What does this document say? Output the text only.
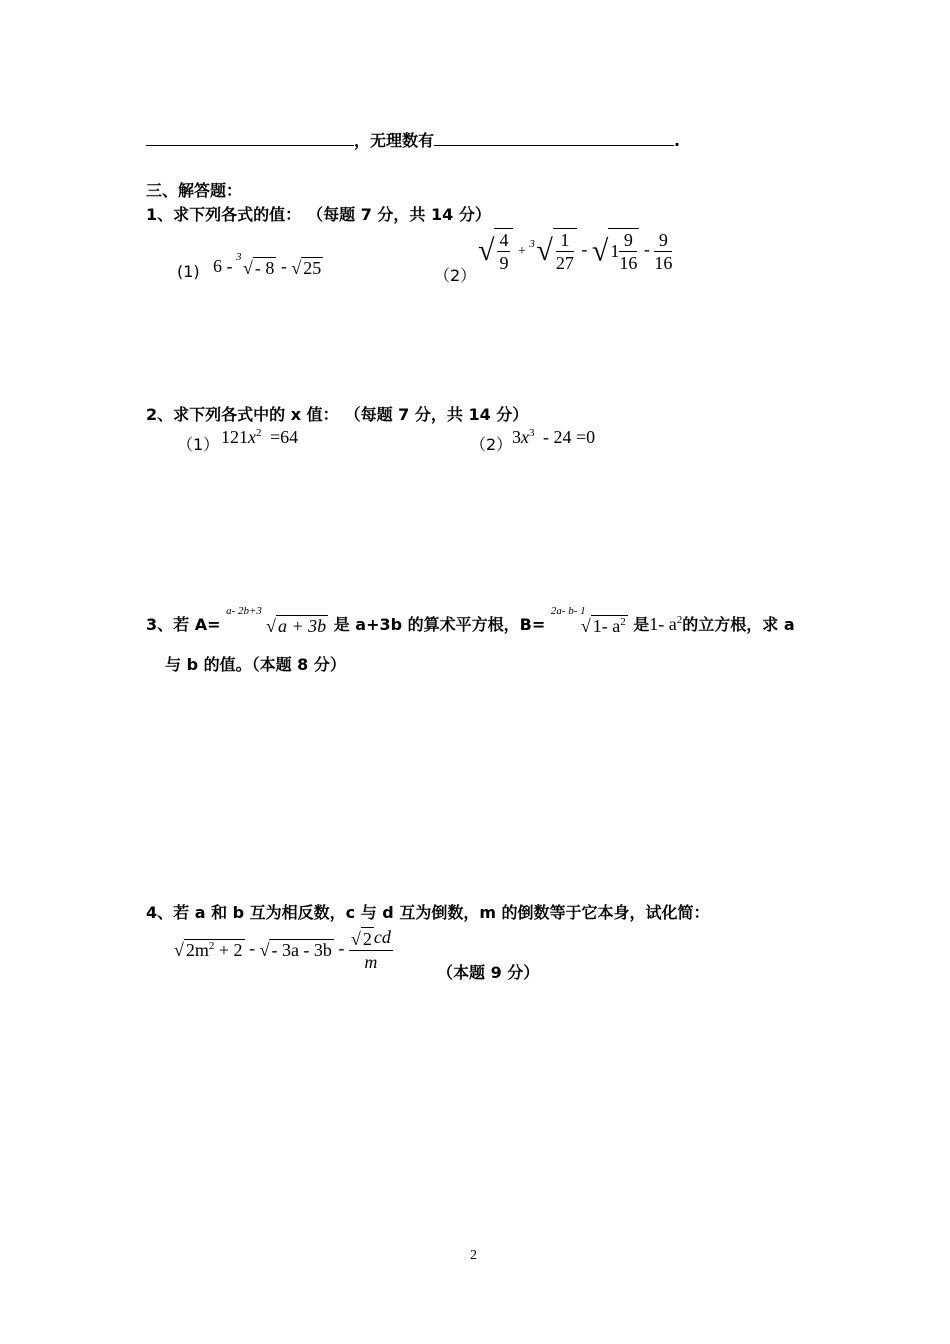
，无理数有	.
三、解答题：
1、求下列各式的值： （每题 7 分，共 14 分）
(1) 6 - 3
√ - 8 - √ 25	（2）
√ $\frac{4}{9}$ +
3 √ $\frac{1}{27}$ - √ $1 \frac{9}{16} - \frac{9}{16}$
2、求下列各式中的 x 值： （每题 7 分，共 14 分）
（1） $121x^2 =64$	（2） $3x^3 - 24 =0$
3、若 A=
a- 2b+3
√ a + 3b 是 a+3b 的算术平方根，B=
2a- b- 1
√ 1- $a^2$ 是1- $a^2$的立方根，求 a
与 b 的值。（本题 8 分）
4、若 a 和 b 互为相反数，c 与 d 互为倒数，m 的倒数等于它本身，试化简：
√ $2m^2 + 2$ - √ - $3a - 3b - \frac{√ 2 cd}{m}$	（本题 9 分）
2
